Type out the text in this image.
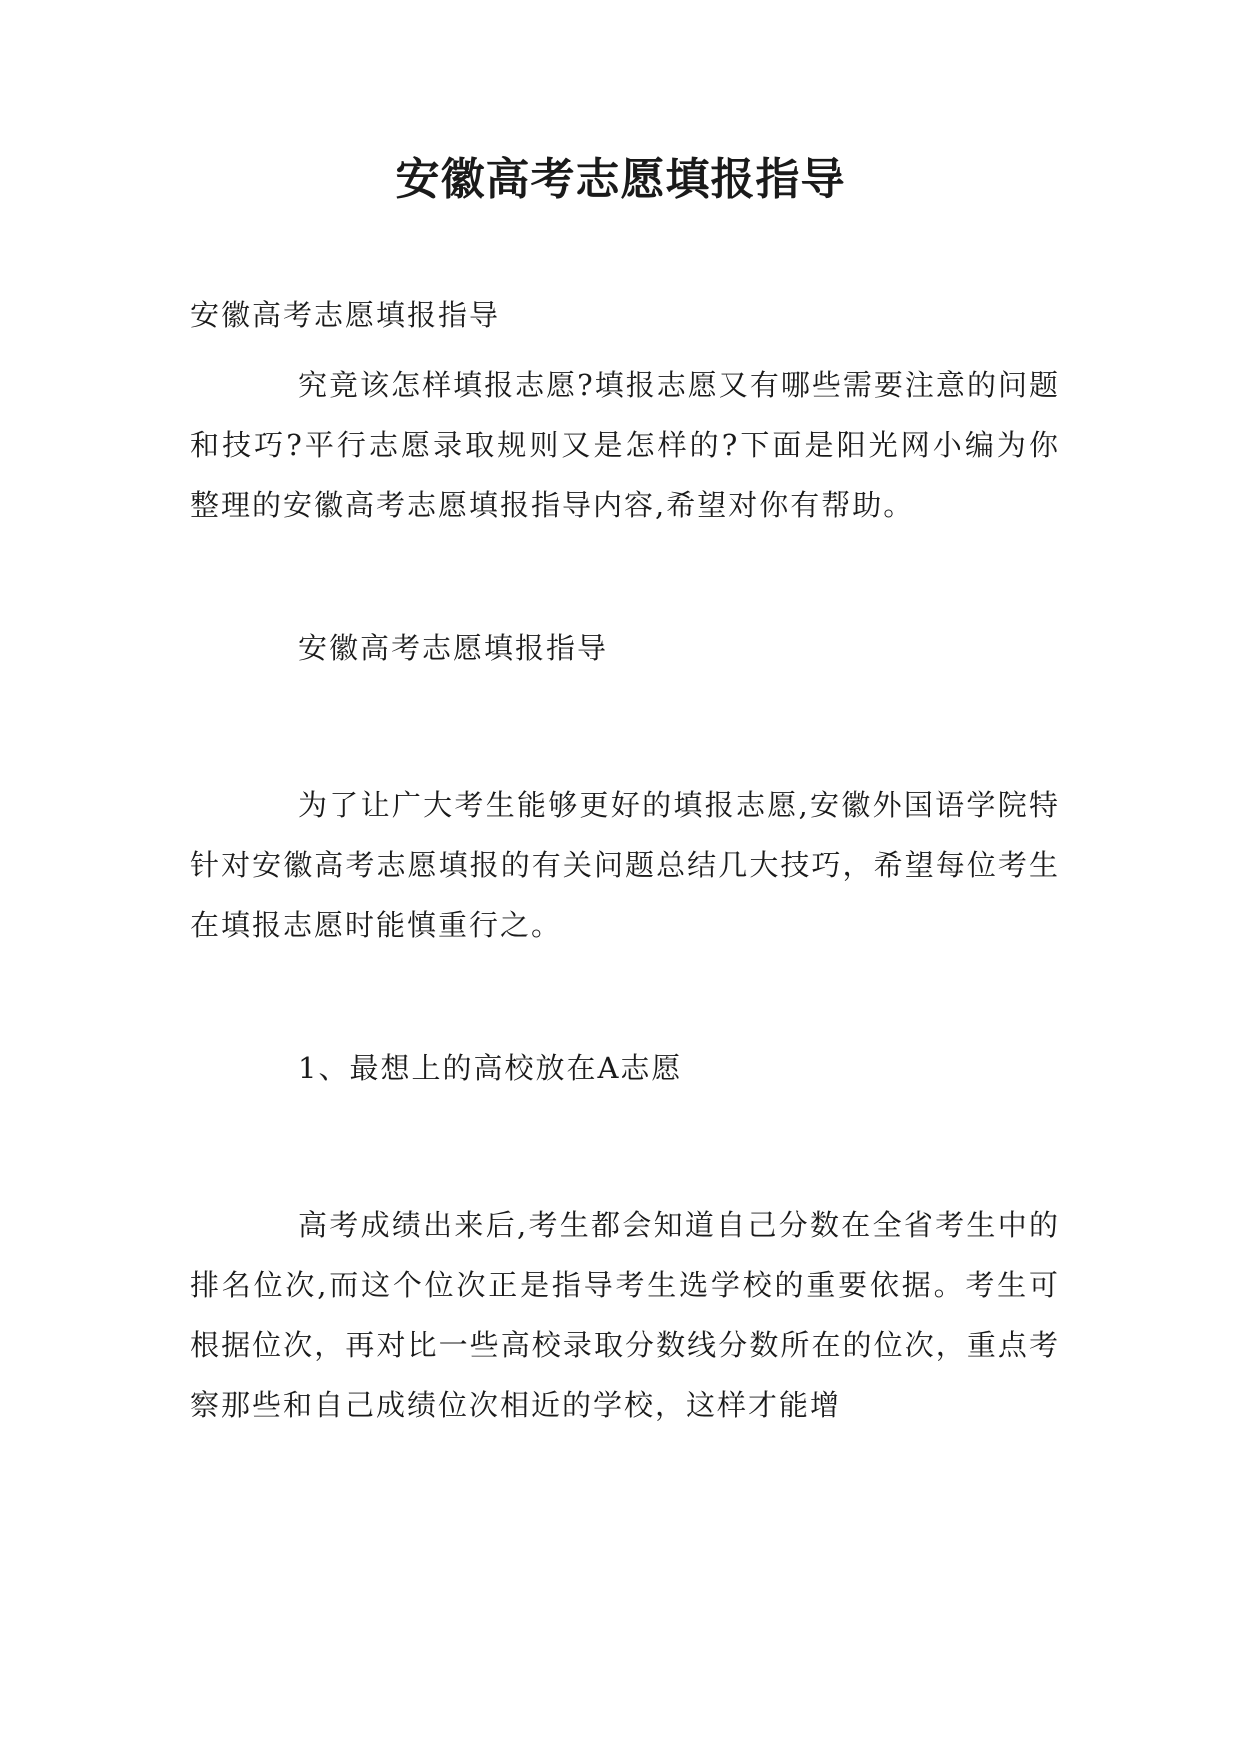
安徽高考志愿填报指导

安徽高考志愿填报指导

究竟该怎样填报志愿?填报志愿又有哪些需要注意的问题和技巧?平行志愿录取规则又是怎样的?下面是阳光网小编为你整理的安徽高考志愿填报指导内容,希望对你有帮助。

安徽高考志愿填报指导

为了让广大考生能够更好的填报志愿,安徽外国语学院特针对安徽高考志愿填报的有关问题总结几大技巧，希望每位考生在填报志愿时能慎重行之。

1、最想上的高校放在A志愿

高考成绩出来后,考生都会知道自己分数在全省考生中的排名位次,而这个位次正是指导考生选学校的重要依据。考生可根据位次，再对比一些高校录取分数线分数所在的位次，重点考察那些和自己成绩位次相近的学校，这样才能增
